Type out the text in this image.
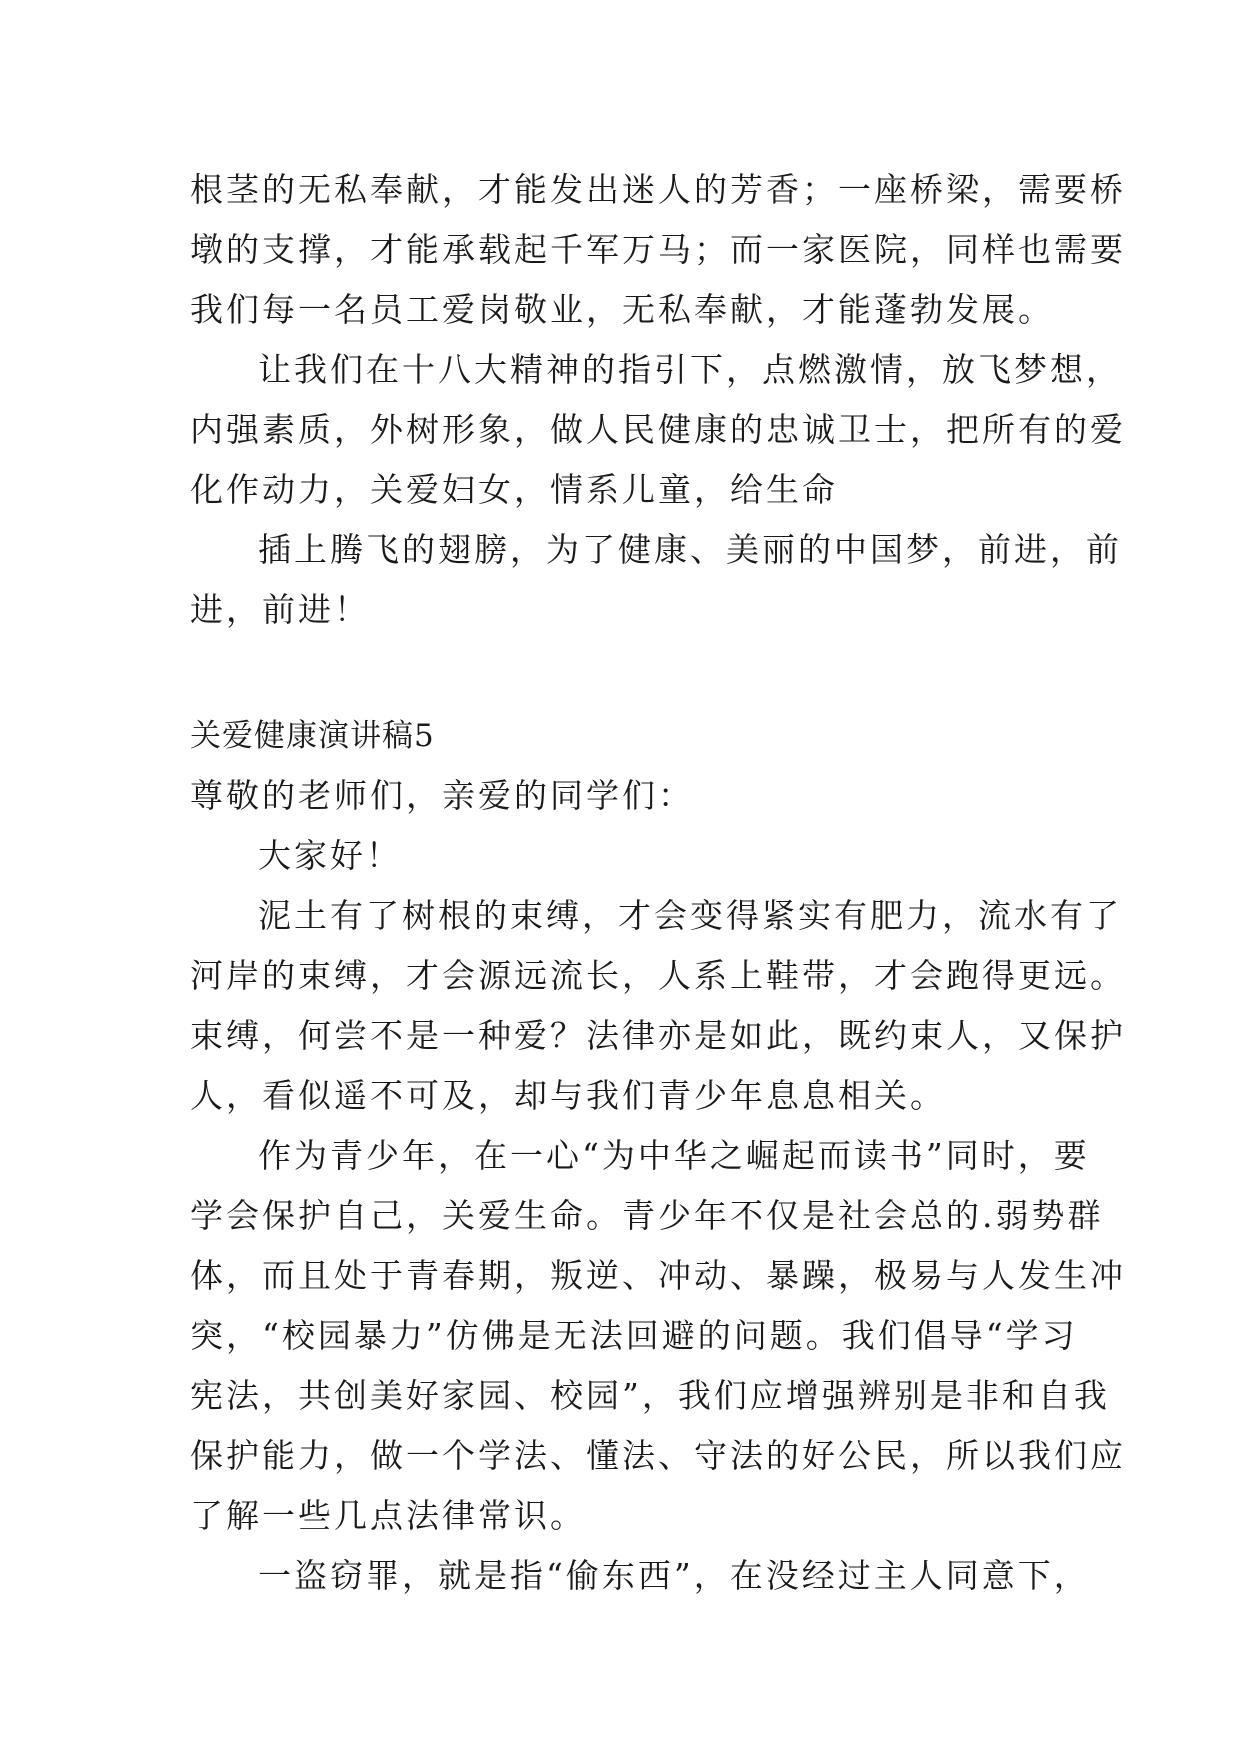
根茎的无私奉献，才能发出迷人的芳香；一座桥梁，需要桥
墩的支撑，才能承载起千军万马；而一家医院，同样也需要
我们每一名员工爱岗敬业，无私奉献，才能蓬勃发展。
让我们在十八大精神的指引下，点燃激情，放飞梦想，
内强素质，外树形象，做人民健康的忠诚卫士，把所有的爱
化作动力，关爱妇女，情系儿童，给生命
插上腾飞的翅膀，为了健康、美丽的中国梦，前进，前
进，前进！
关爱健康演讲稿5
尊敬的老师们，亲爱的同学们：
大家好！
泥土有了树根的束缚，才会变得紧实有肥力，流水有了
河岸的束缚，才会源远流长，人系上鞋带，才会跑得更远。
束缚，何尝不是一种爱？法律亦是如此，既约束人，又保护
人，看似遥不可及，却与我们青少年息息相关。
作为青少年，在一心“为中华之崛起而读书”同时，要
学会保护自己，关爱生命。青少年不仅是社会总的.弱势群
体，而且处于青春期，叛逆、冲动、暴躁，极易与人发生冲
突，“校园暴力”仿佛是无法回避的问题。我们倡导“学习
宪法，共创美好家园、校园”，我们应增强辨别是非和自我
保护能力，做一个学法、懂法、守法的好公民，所以我们应
了解一些几点法律常识。
一盗窃罪，就是指“偷东西”，在没经过主人同意下，
